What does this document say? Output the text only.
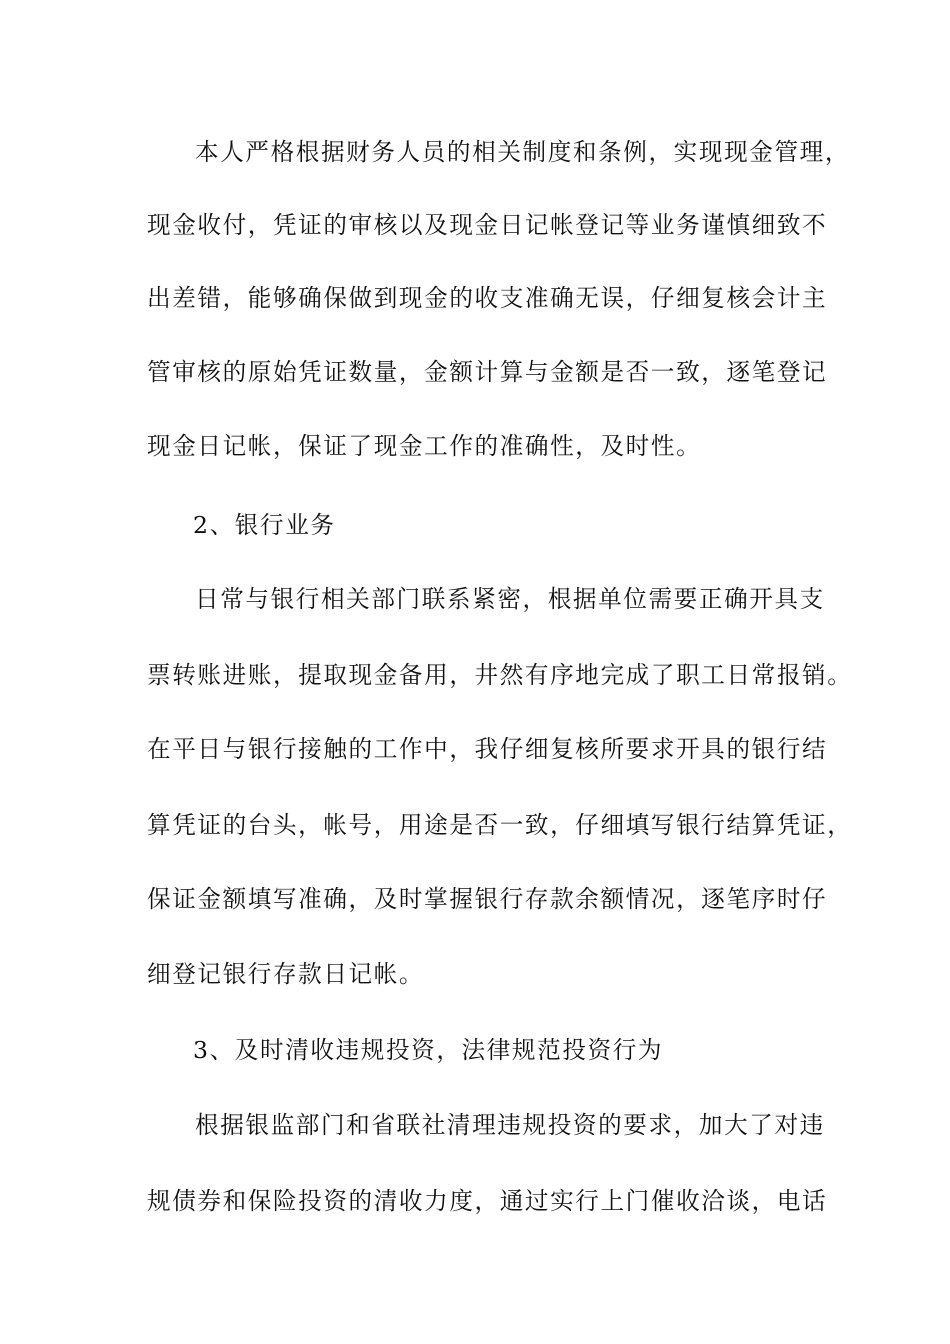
本人严格根据财务人员的相关制度和条例，实现现金管理，
现金收付，凭证的审核以及现金日记帐登记等业务谨慎细致不
出差错，能够确保做到现金的收支准确无误，仔细复核会计主
管审核的原始凭证数量，金额计算与金额是否一致，逐笔登记
现金日记帐，保证了现金工作的准确性，及时性。
2、银行业务
日常与银行相关部门联系紧密，根据单位需要正确开具支
票转账进账，提取现金备用，井然有序地完成了职工日常报销。
在平日与银行接触的工作中，我仔细复核所要求开具的银行结
算凭证的台头，帐号，用途是否一致，仔细填写银行结算凭证，
保证金额填写准确，及时掌握银行存款余额情况，逐笔序时仔
细登记银行存款日记帐。
3、及时清收违规投资，法律规范投资行为
根据银监部门和省联社清理违规投资的要求，加大了对违
规债券和保险投资的清收力度，通过实行上门催收洽谈，电话
